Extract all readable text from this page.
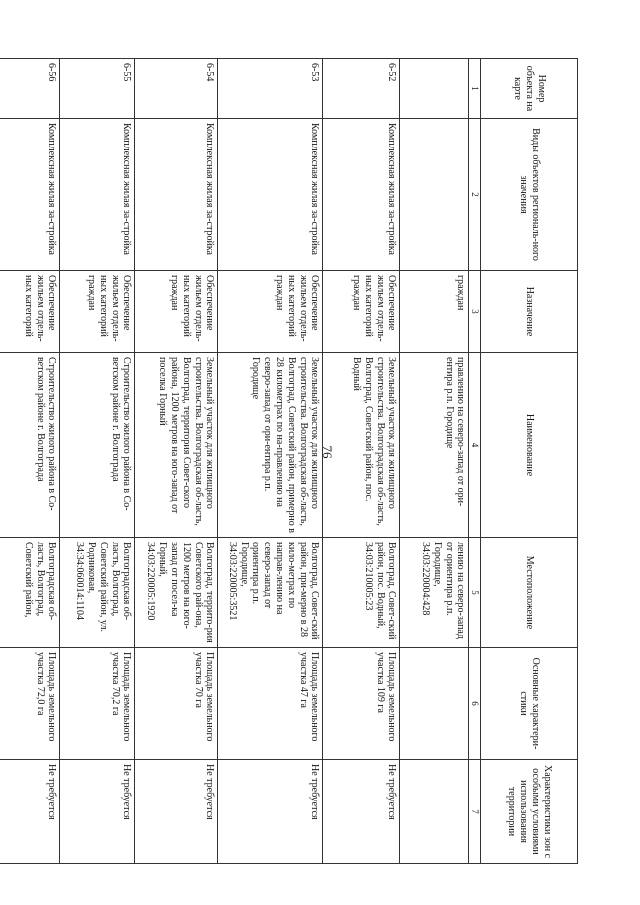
76
Номер объекта на карте	Виды объектов региональ-ного значения	Назначение	Наименование	Местоположение	Основные характери-стики	Характеристики зон с особыми условиями использования территории
1	2	3	4	5	6	7
		граждан	правлению на северо-запад от ори-ентира р.п. Городище	лению на северо-запад от ориентира р.п. Городище, 34:03:220004:428		
6-52	Комплексная жилая за-стройка	Обеспечение жильем отдель-ных категорий граждан	Земельный участок для жилищного строительства. Волгоградская об-ласть, Волгоград, Советский район, пос. Водный	Волгоград, Совет-ский район, пос. Водный, 34:03:210005:23	Площадь земельного участка 109 га	Не требуется
6-53	Комплексная жилая за-стройка	Обеспечение жильем отдель-ных категорий граждан	Земельный участок для жилищного строительства. Волгоградская об-ласть, Волгоград, Советский район, примерно в 28 километрах по на-правлению на северо-запад от ори-ентира р.п. Городище	Волгоград, Совет-ский район, при-мерно в 28 кило-метрах по направ-лению на северо-запад от ориентира р.п. Городище, 34:03:220005:3521	Площадь земельного участка 47 га	Не требуется
6-54	Комплексная жилая за-стройка	Обеспечение жильем отдель-ных категорий граждан	Земельный участок для жилищного строительства. Волгоградская об-ласть, Волгоград, территория Совет-ского района, 1200 метров на юго-запад от поселка Горный	Волгоград, террито-рия Советского рай-она, 1200 метров на юго-запад от посел-ка Горный, 34:03:220005:1920	Площадь земельного участка 70 га	Не требуется
6-55	Комплексная жилая за-стройка	Обеспечение жильем отдель-ных категорий граждан	Строительство жилого района в Со-ветском районе г. Волгограда	Волгоградская об-ласть, Волгоград, Советский район, ул. Родниковая, 34:34:060014:1104	Площадь земельного участка 70,2 га	Не требуется
6-56	Комплексная жилая за-стройка	Обеспечение жильем отдель-ных категорий	Строительство жилого района в Со-ветском районе г. Волгограда	Волгоградская об-ласть, Волгоград, Советский район,	Площадь земельного участка 72,0 га	Не требуется
